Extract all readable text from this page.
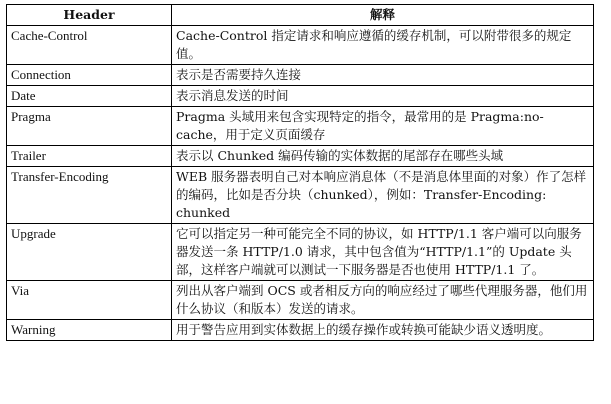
Header	解释
Cache-Control	Cache-Control 指定请求和响应遵循的缓存机制，可以附带很多的规定值。
Connection	表示是否需要持久连接
Date	表示消息发送的时间
Pragma	Pragma 头域用来包含实现特定的指令，最常用的是 Pragma:no-cache，用于定义页面缓存
Trailer	表示以 Chunked 编码传输的实体数据的尾部存在哪些头域
Transfer-Encoding	WEB 服务器表明自己对本响应消息体（不是消息体里面的对象）作了怎样的编码，比如是否分块（chunked），例如：Transfer-Encoding: chunked
Upgrade	它可以指定另一种可能完全不同的协议，如 HTTP/1.1 客户端可以向服务器发送一条 HTTP/1.0 请求，其中包含值为“HTTP/1.1”的 Update 头部，这样客户端就可以测试一下服务器是否也使用 HTTP/1.1 了。
Via	列出从客户端到 OCS 或者相反方向的响应经过了哪些代理服务器，他们用什么协议（和版本）发送的请求。
Warning	用于警告应用到实体数据上的缓存操作或转换可能缺少语义透明度。
